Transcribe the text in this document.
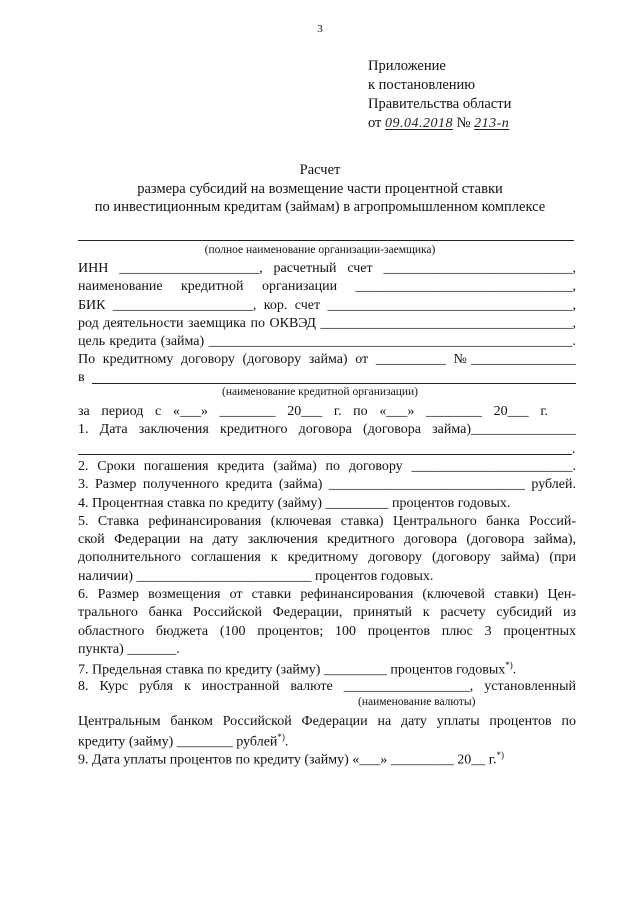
3
Приложение
к постановлению
Правительства области
от 09.04.2018 № 213-п
Расчет
размера субсидий на возмещение части процентной ставки
по инвестиционным кредитам (займам) в агропромышленном комплексе
(полное наименование организации-заемщика)
ИНН ____________________, расчетный счет ___________________________,
наименование кредитной организации _______________________________,
БИК ____________________, кор. счет ___________________________________,
род деятельности заемщика по ОКВЭД ____________________________________,
цель кредита (займа) ____________________________________________________.
По кредитному договору (договору займа) от __________ №_______________
в
(наименование кредитной организации)
за период с «___» ________ 20___ г. по «___» ________ 20___ г.
1. Дата заключения кредитного договора (договора займа)_______________
.
2. Сроки погашения кредита (займа) по договору _______________________.
3. Размер полученного кредита (займа) ____________________________ рублей.
4. Процентная ставка по кредиту (займу) _________ процентов годовых.
5. Ставка рефинансирования (ключевая ставка) Центрального банка Россий-
ской Федерации на дату заключения кредитного договора (договора займа),
дополнительного соглашения к кредитному договору (договору займа) (при
наличии) _________________________ процентов годовых.
6. Размер возмещения от ставки рефинансирования (ключевой ставки) Цен-
трального банка Российской Федерации, принятый к расчету субсидий из
областного бюджета (100 процентов; 100 процентов плюс 3 процентных
пункта) _______.
7. Предельная ставка по кредиту (займу) _________ процентов годовых*).
8. Курс рубля к иностранной валюте __________________, установленный
(наименование валюты)
Центральным банком Российской Федерации на дату уплаты процентов по
кредиту (займу) ________ рублей*).
9. Дата уплаты процентов по кредиту (займу) «___» _________ 20__ г.*)
